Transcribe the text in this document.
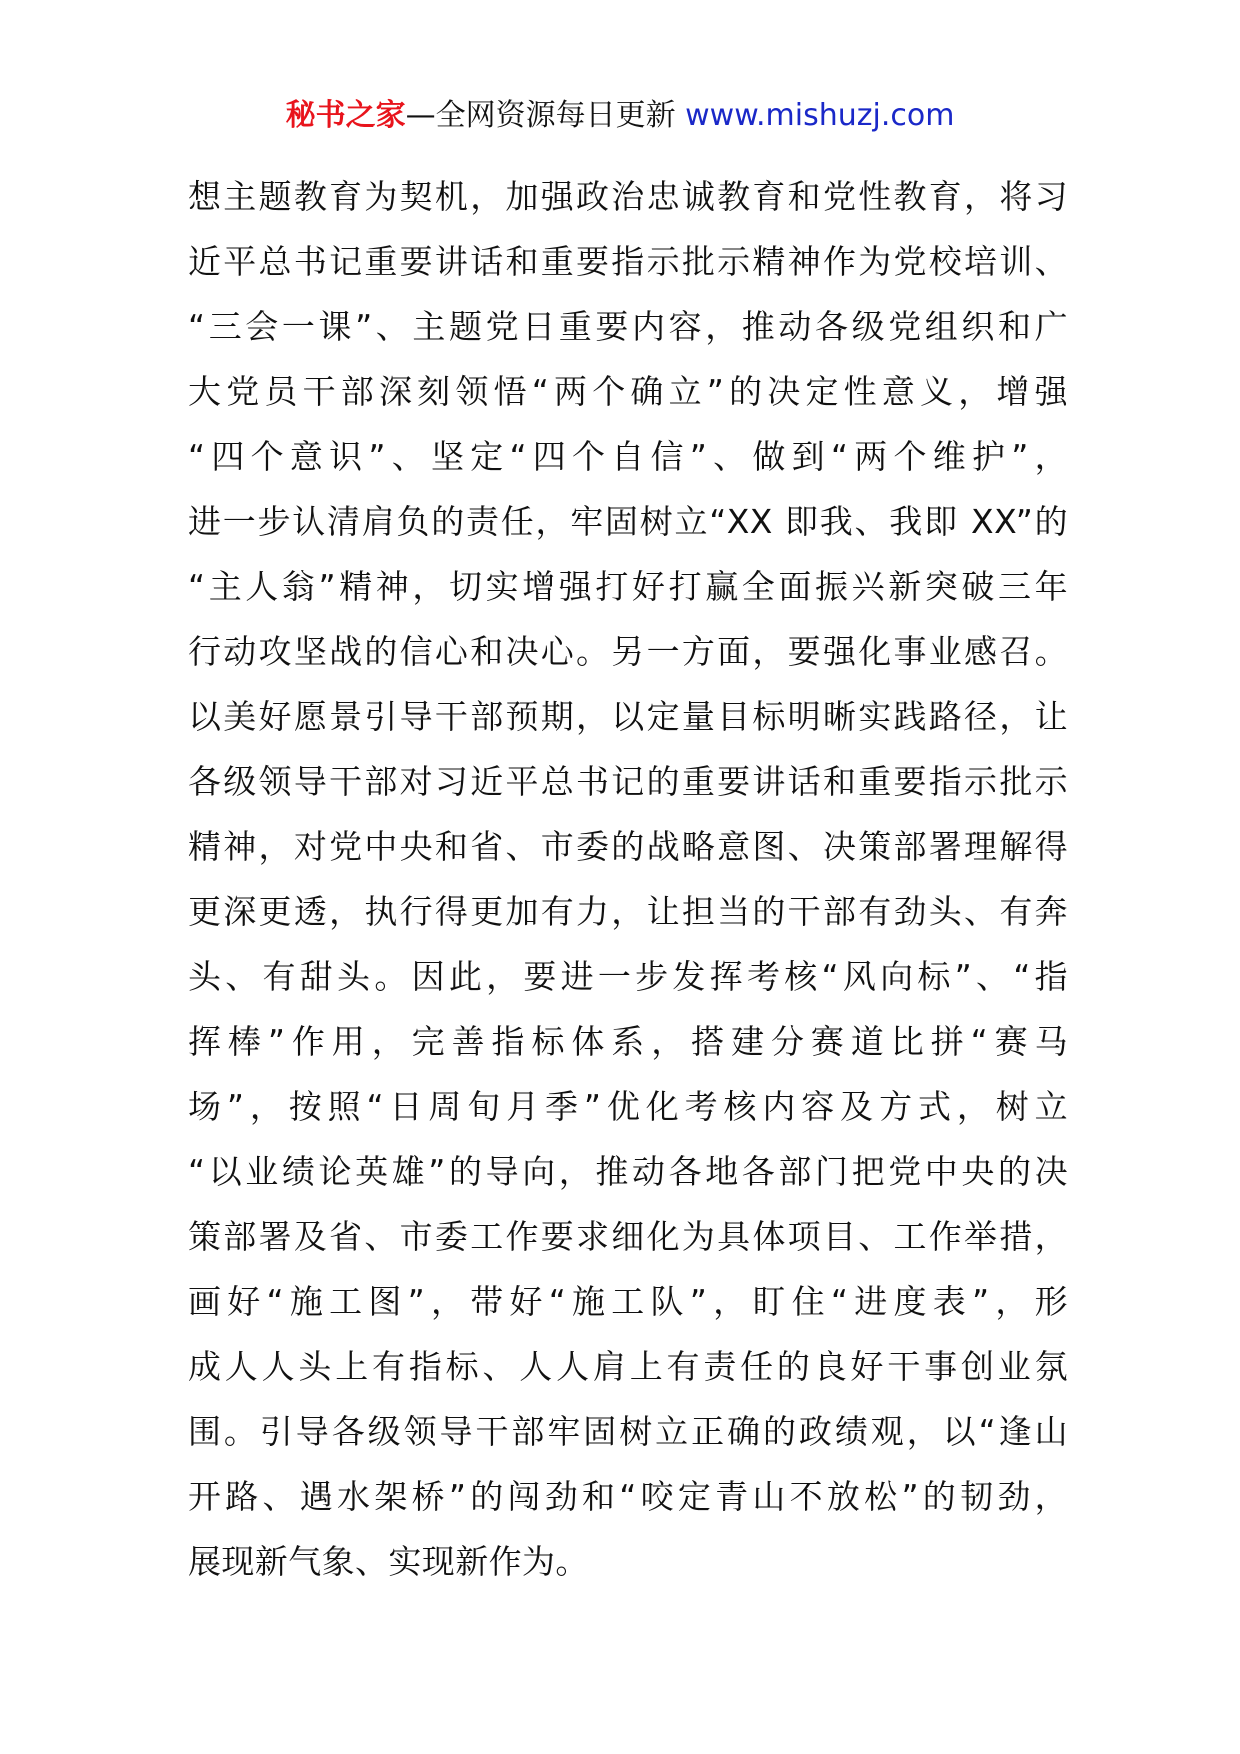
秘书之家—全网资源每日更新 www.mishuzj.com
想主题教育为契机，加强政治忠诚教育和党性教育，将习
近平总书记重要讲话和重要指示批示精神作为党校培训、
“三会一课”、主题党日重要内容，推动各级党组织和广
大党员干部深刻领悟“两个确立”的决定性意义，增强
“四个意识”、坚定“四个自信”、做到“两个维护”，
进一步认清肩负的责任，牢固树立“XX 即我、我即 XX”的
“主人翁”精神，切实增强打好打赢全面振兴新突破三年
行动攻坚战的信心和决心。另一方面，要强化事业感召。
以美好愿景引导干部预期，以定量目标明晰实践路径，让
各级领导干部对习近平总书记的重要讲话和重要指示批示
精神，对党中央和省、市委的战略意图、决策部署理解得
更深更透，执行得更加有力，让担当的干部有劲头、有奔
头、有甜头。因此，要进一步发挥考核“风向标”、“指
挥棒”作用，完善指标体系，搭建分赛道比拼“赛马
场”，按照“日周旬月季”优化考核内容及方式，树立
“以业绩论英雄”的导向，推动各地各部门把党中央的决
策部署及省、市委工作要求细化为具体项目、工作举措，
画好“施工图”，带好“施工队”，盯住“进度表”，形
成人人头上有指标、人人肩上有责任的良好干事创业氛
围。引导各级领导干部牢固树立正确的政绩观，以“逢山
开路、遇水架桥”的闯劲和“咬定青山不放松”的韧劲，
展现新气象、实现新作为。
